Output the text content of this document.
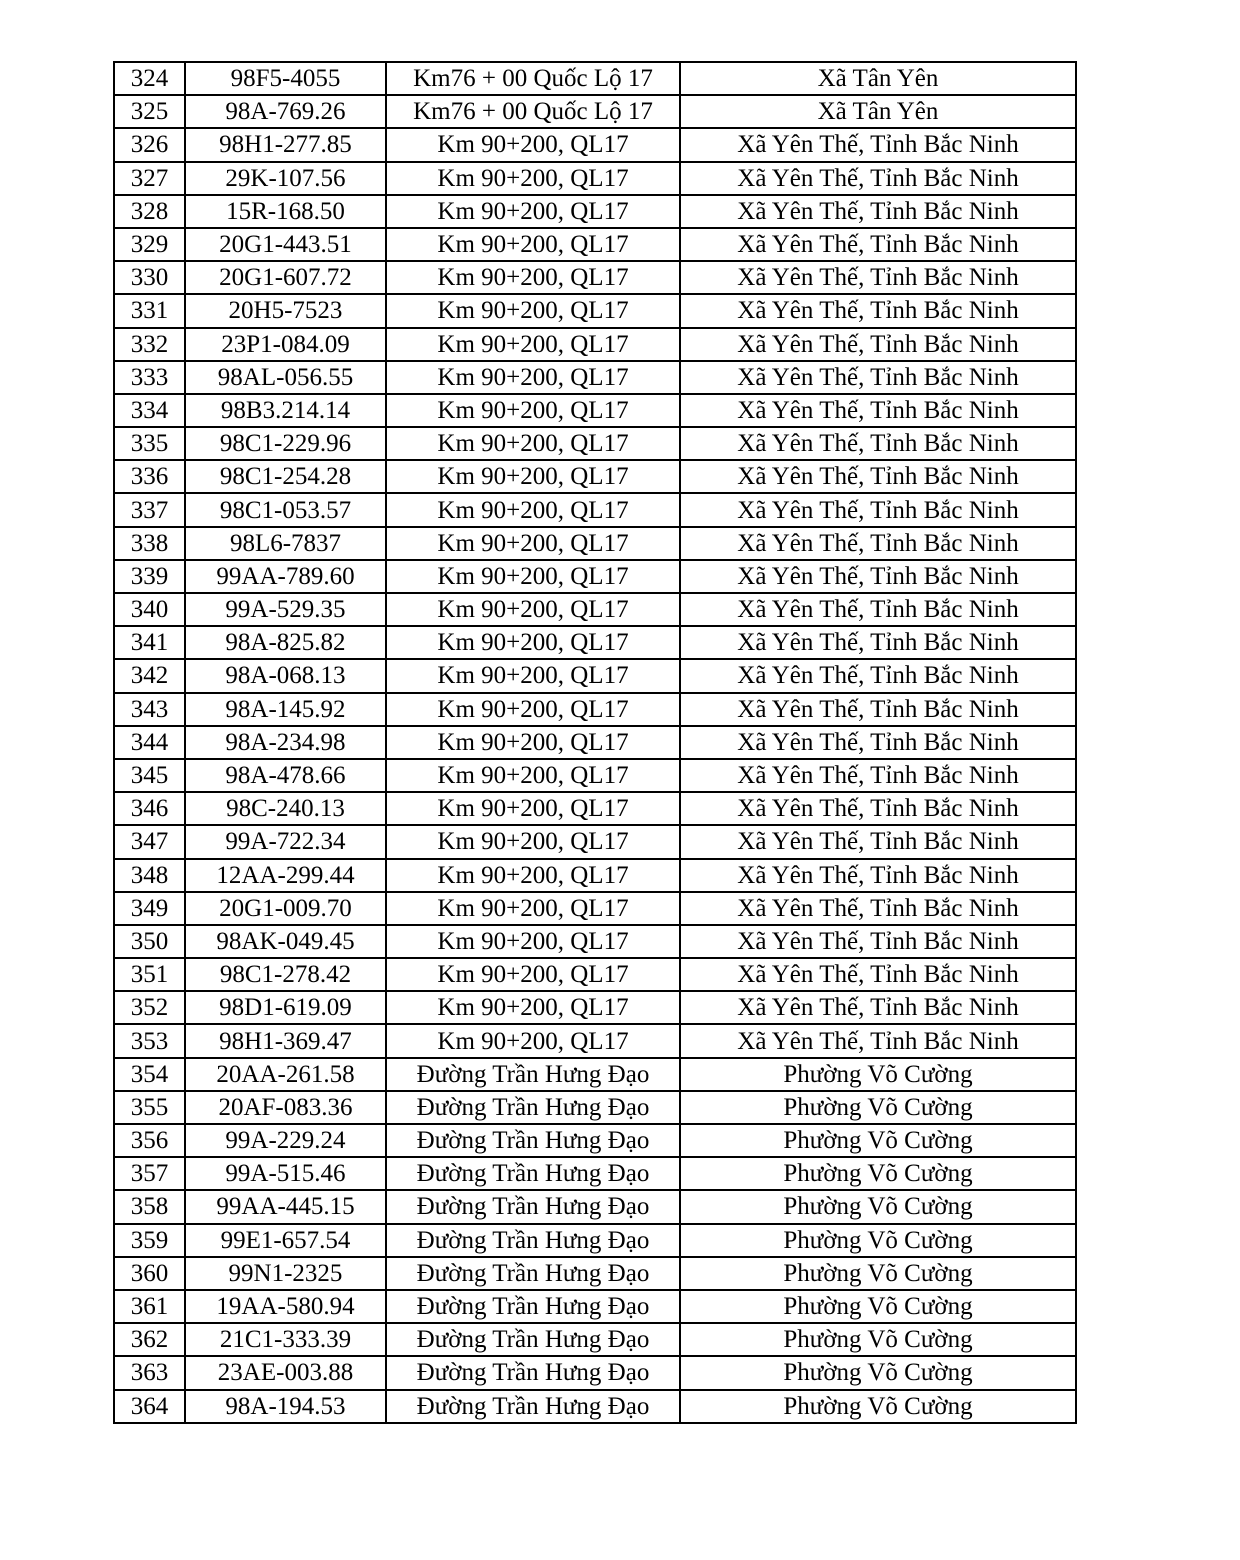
324	98F5-4055	Km76 + 00 Quốc Lộ 17	Xã Tân Yên
325	98A-769.26	Km76 + 00 Quốc Lộ 17	Xã Tân Yên
326	98H1-277.85	Km 90+200, QL17	Xã Yên Thế, Tỉnh Bắc Ninh
327	29K-107.56	Km 90+200, QL17	Xã Yên Thế, Tỉnh Bắc Ninh
328	15R-168.50	Km 90+200, QL17	Xã Yên Thế, Tỉnh Bắc Ninh
329	20G1-443.51	Km 90+200, QL17	Xã Yên Thế, Tỉnh Bắc Ninh
330	20G1-607.72	Km 90+200, QL17	Xã Yên Thế, Tỉnh Bắc Ninh
331	20H5-7523	Km 90+200, QL17	Xã Yên Thế, Tỉnh Bắc Ninh
332	23P1-084.09	Km 90+200, QL17	Xã Yên Thế, Tỉnh Bắc Ninh
333	98AL-056.55	Km 90+200, QL17	Xã Yên Thế, Tỉnh Bắc Ninh
334	98B3.214.14	Km 90+200, QL17	Xã Yên Thế, Tỉnh Bắc Ninh
335	98C1-229.96	Km 90+200, QL17	Xã Yên Thế, Tỉnh Bắc Ninh
336	98C1-254.28	Km 90+200, QL17	Xã Yên Thế, Tỉnh Bắc Ninh
337	98C1-053.57	Km 90+200, QL17	Xã Yên Thế, Tỉnh Bắc Ninh
338	98L6-7837	Km 90+200, QL17	Xã Yên Thế, Tỉnh Bắc Ninh
339	99AA-789.60	Km 90+200, QL17	Xã Yên Thế, Tỉnh Bắc Ninh
340	99A-529.35	Km 90+200, QL17	Xã Yên Thế, Tỉnh Bắc Ninh
341	98A-825.82	Km 90+200, QL17	Xã Yên Thế, Tỉnh Bắc Ninh
342	98A-068.13	Km 90+200, QL17	Xã Yên Thế, Tỉnh Bắc Ninh
343	98A-145.92	Km 90+200, QL17	Xã Yên Thế, Tỉnh Bắc Ninh
344	98A-234.98	Km 90+200, QL17	Xã Yên Thế, Tỉnh Bắc Ninh
345	98A-478.66	Km 90+200, QL17	Xã Yên Thế, Tỉnh Bắc Ninh
346	98C-240.13	Km 90+200, QL17	Xã Yên Thế, Tỉnh Bắc Ninh
347	99A-722.34	Km 90+200, QL17	Xã Yên Thế, Tỉnh Bắc Ninh
348	12AA-299.44	Km 90+200, QL17	Xã Yên Thế, Tỉnh Bắc Ninh
349	20G1-009.70	Km 90+200, QL17	Xã Yên Thế, Tỉnh Bắc Ninh
350	98AK-049.45	Km 90+200, QL17	Xã Yên Thế, Tỉnh Bắc Ninh
351	98C1-278.42	Km 90+200, QL17	Xã Yên Thế, Tỉnh Bắc Ninh
352	98D1-619.09	Km 90+200, QL17	Xã Yên Thế, Tỉnh Bắc Ninh
353	98H1-369.47	Km 90+200, QL17	Xã Yên Thế, Tỉnh Bắc Ninh
354	20AA-261.58	Đường Trần Hưng Đạo	Phường Võ Cường
355	20AF-083.36	Đường Trần Hưng Đạo	Phường Võ Cường
356	99A-229.24	Đường Trần Hưng Đạo	Phường Võ Cường
357	99A-515.46	Đường Trần Hưng Đạo	Phường Võ Cường
358	99AA-445.15	Đường Trần Hưng Đạo	Phường Võ Cường
359	99E1-657.54	Đường Trần Hưng Đạo	Phường Võ Cường
360	99N1-2325	Đường Trần Hưng Đạo	Phường Võ Cường
361	19AA-580.94	Đường Trần Hưng Đạo	Phường Võ Cường
362	21C1-333.39	Đường Trần Hưng Đạo	Phường Võ Cường
363	23AE-003.88	Đường Trần Hưng Đạo	Phường Võ Cường
364	98A-194.53	Đường Trần Hưng Đạo	Phường Võ Cường
